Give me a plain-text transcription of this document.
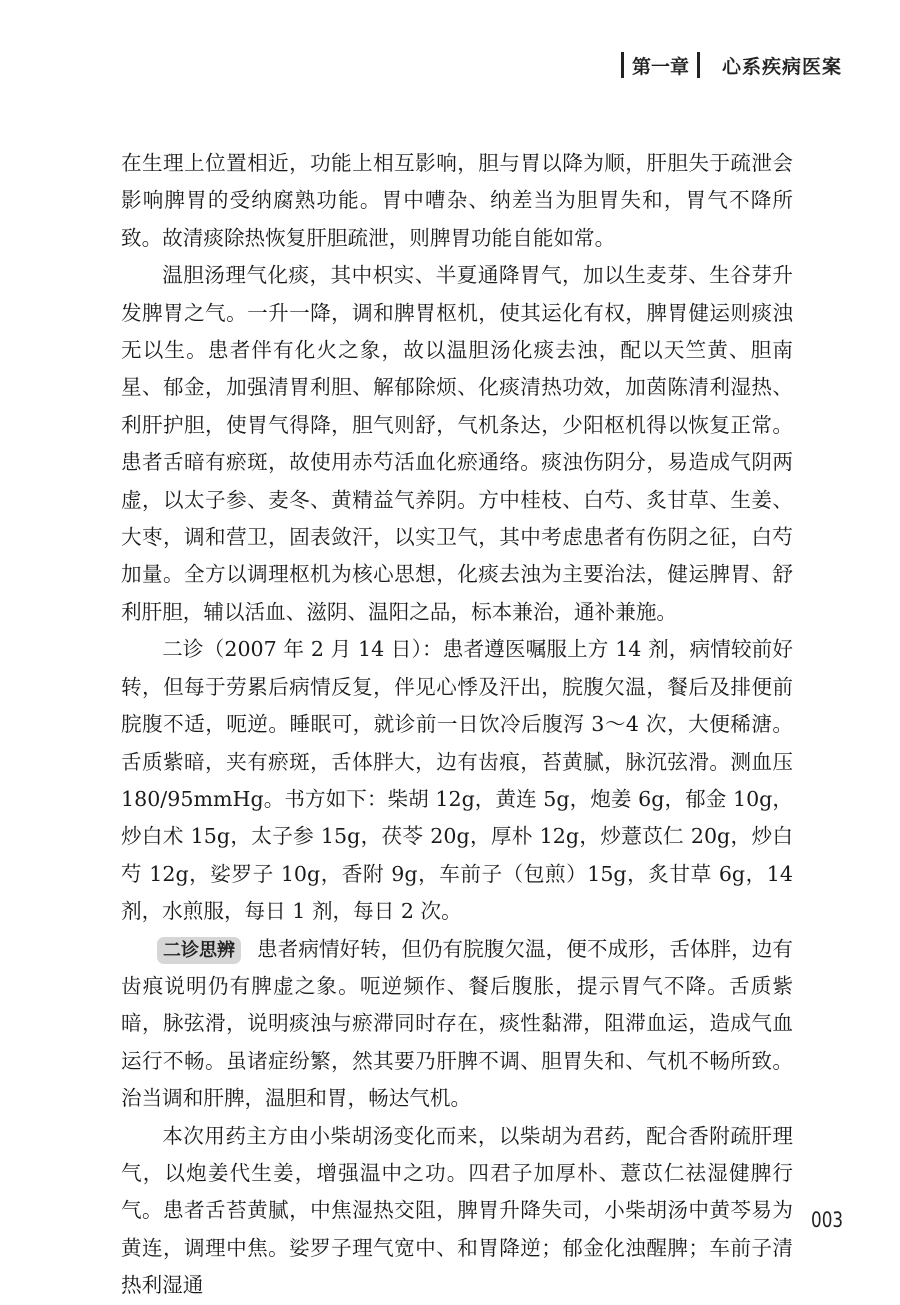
第一章	心系疾病医案

在生理上位置相近，功能上相互影响，胆与胃以降为顺，肝胆失于疏泄会影响脾胃的受纳腐熟功能。胃中嘈杂、纳差当为胆胃失和，胃气不降所致。故清痰除热恢复肝胆疏泄，则脾胃功能自能如常。

温胆汤理气化痰，其中枳实、半夏通降胃气，加以生麦芽、生谷芽升发脾胃之气。一升一降，调和脾胃枢机，使其运化有权，脾胃健运则痰浊无以生。患者伴有化火之象，故以温胆汤化痰去浊，配以天竺黄、胆南星、郁金，加强清胃利胆、解郁除烦、化痰清热功效，加茵陈清利湿热、利肝护胆，使胃气得降，胆气则舒，气机条达，少阳枢机得以恢复正常。患者舌暗有瘀斑，故使用赤芍活血化瘀通络。痰浊伤阴分，易造成气阴两虚，以太子参、麦冬、黄精益气养阴。方中桂枝、白芍、炙甘草、生姜、大枣，调和营卫，固表敛汗，以实卫气，其中考虑患者有伤阴之征，白芍加量。全方以调理枢机为核心思想，化痰去浊为主要治法，健运脾胃、舒利肝胆，辅以活血、滋阴、温阳之品，标本兼治，通补兼施。

二诊（2007 年 2 月 14 日）：患者遵医嘱服上方 14 剂，病情较前好转，但每于劳累后病情反复，伴见心悸及汗出，脘腹欠温，餐后及排便前脘腹不适，呃逆。睡眠可，就诊前一日饮冷后腹泻 3～4 次，大便稀溏。舌质紫暗，夹有瘀斑，舌体胖大，边有齿痕，苔黄腻，脉沉弦滑。测血压 180/95mmHg。书方如下：柴胡 12g，黄连 5g，炮姜 6g，郁金 10g，炒白术 15g，太子参 15g，茯苓 20g，厚朴 12g，炒薏苡仁 20g，炒白芍 12g，娑罗子 10g，香附 9g，车前子（包煎）15g，炙甘草 6g，14 剂，水煎服，每日 1 剂，每日 2 次。

二诊思辨 患者病情好转，但仍有脘腹欠温，便不成形，舌体胖，边有齿痕说明仍有脾虚之象。呃逆频作、餐后腹胀，提示胃气不降。舌质紫暗，脉弦滑，说明痰浊与瘀滞同时存在，痰性黏滞，阻滞血运，造成气血运行不畅。虽诸症纷繁，然其要乃肝脾不调、胆胃失和、气机不畅所致。治当调和肝脾，温胆和胃，畅达气机。

本次用药主方由小柴胡汤变化而来，以柴胡为君药，配合香附疏肝理气，以炮姜代生姜，增强温中之功。四君子加厚朴、薏苡仁祛湿健脾行气。患者舌苔黄腻，中焦湿热交阻，脾胃升降失司，小柴胡汤中黄芩易为黄连，调理中焦。娑罗子理气宽中、和胃降逆；郁金化浊醒脾；车前子清热利湿通

003
